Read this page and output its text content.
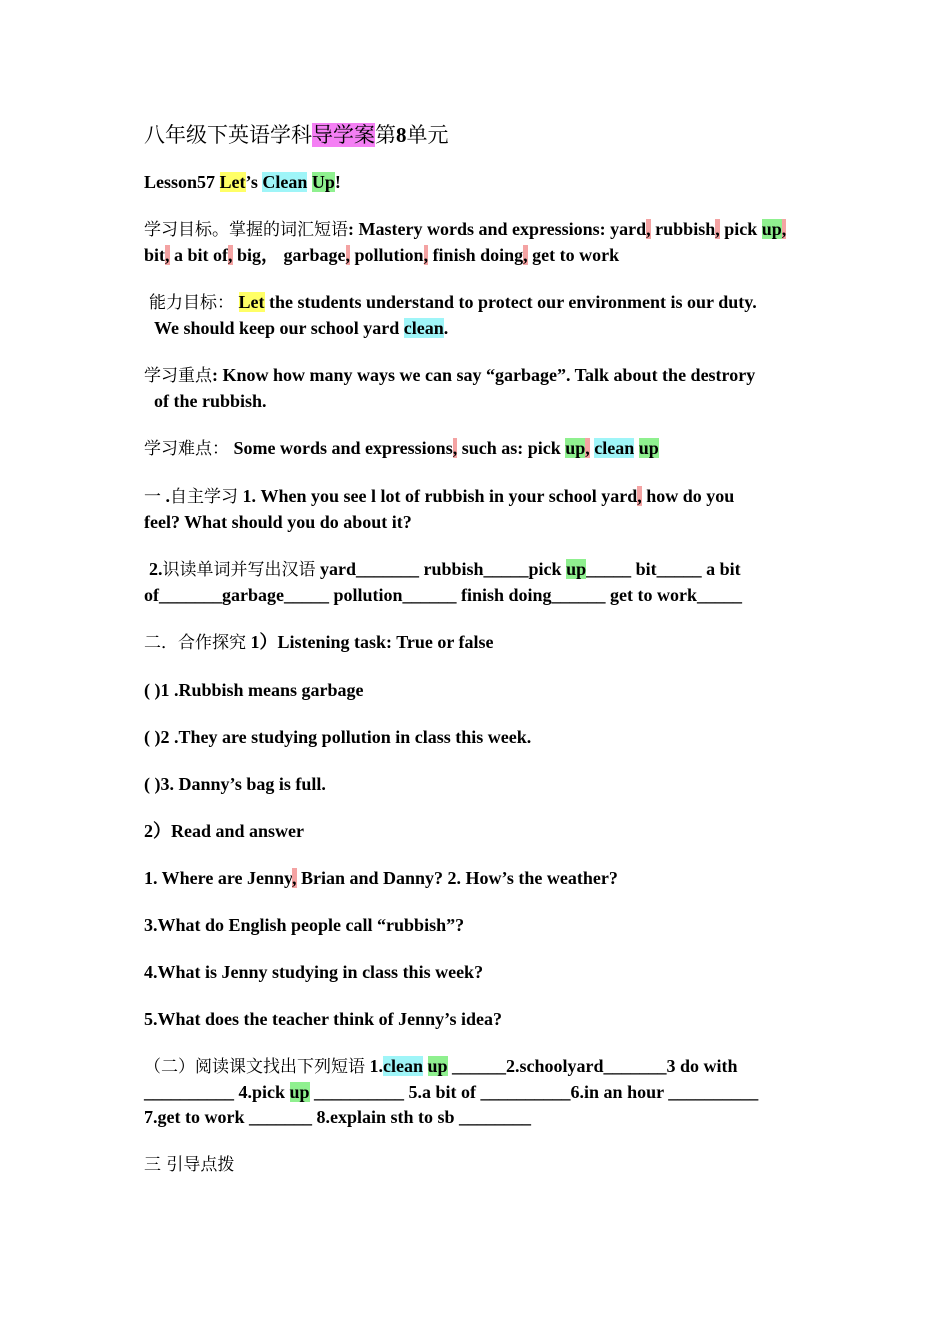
八年级下英语学科导学案第8单元
Lesson57 Let’s Clean Up!
学习目标。掌握的词汇短语: Mastery words and expressions: yard, rubbish, pick up, bit, a bit of, big， garbage, pollution, finish doing, get to work
能力目标： Let the students understand to protect our environment is our duty.
We should keep our school yard clean.
学习重点: Know how many ways we can say “garbage”. Talk about the destrory
of the rubbish.
学习难点： Some words and expressions, such as: pick up, clean up
一 .自主学习 1. When you see l lot of rubbish in your school yard, how do you
feel? What should you do about it?
2.识读单词并写出汉语 yard_______ rubbish_____pick up_____ bit_____ a bit
of_______garbage_____ pollution______ finish doing______ get to work_____
二．合作探究 1）Listening task: True or false
( )1 .Rubbish means garbage
( )2 .They are studying pollution in class this week.
( )3. Danny’s bag is full.
2）Read and answer
1. Where are Jenny, Brian and Danny? 2. How’s the weather?
3.What do English people call “rubbish”?
4.What is Jenny studying in class this week?
5.What does the teacher think of Jenny’s idea?
（二）阅读课文找出下列短语 1.clean up ______2.schoolyard_______3 do with
__________ 4.pick up __________ 5.a bit of __________6.in an hour __________
7.get to work _______ 8.explain sth to sb ________
三 引导点拨
